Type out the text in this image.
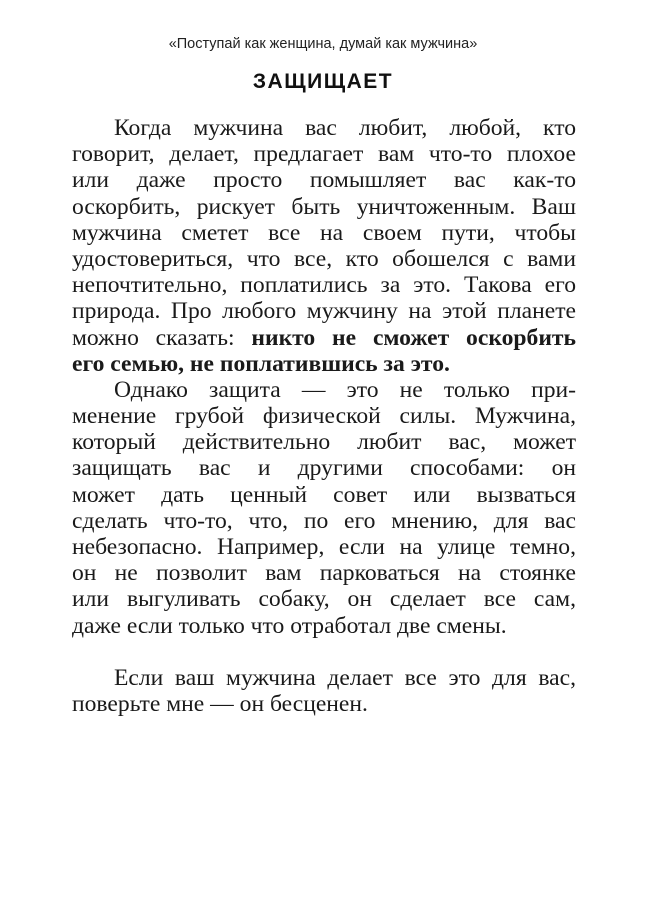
«Поступай как женщина, думай как мужчина»
ЗАЩИЩАЕТ
Когда мужчина вас любит, любой, кто
говорит, делает, предлагает вам что-то плохое
или даже просто помышляет вас как-то
оскорбить, рискует быть уничтоженным. Ваш
мужчина сметет все на своем пути, чтобы
удостовериться, что все, кто обошелся с вами
непочтительно, поплатились за это. Такова его
природа. Про любого мужчину на этой планете
можно сказать: никто не сможет оскорбить
его семью, не поплатившись за это.
Однако защита — это не только при-
менение грубой физической силы. Мужчина,
который действительно любит вас, может
защищать вас и другими способами: он
может дать ценный совет или вызваться
сделать что-то, что, по его мнению, для вас
небезопасно. Например, если на улице темно,
он не позволит вам парковаться на стоянке
или выгуливать собаку, он сделает все сам,
даже если только что отработал две смены.
Если ваш мужчина делает все это для вас,
поверьте мне — он бесценен.
